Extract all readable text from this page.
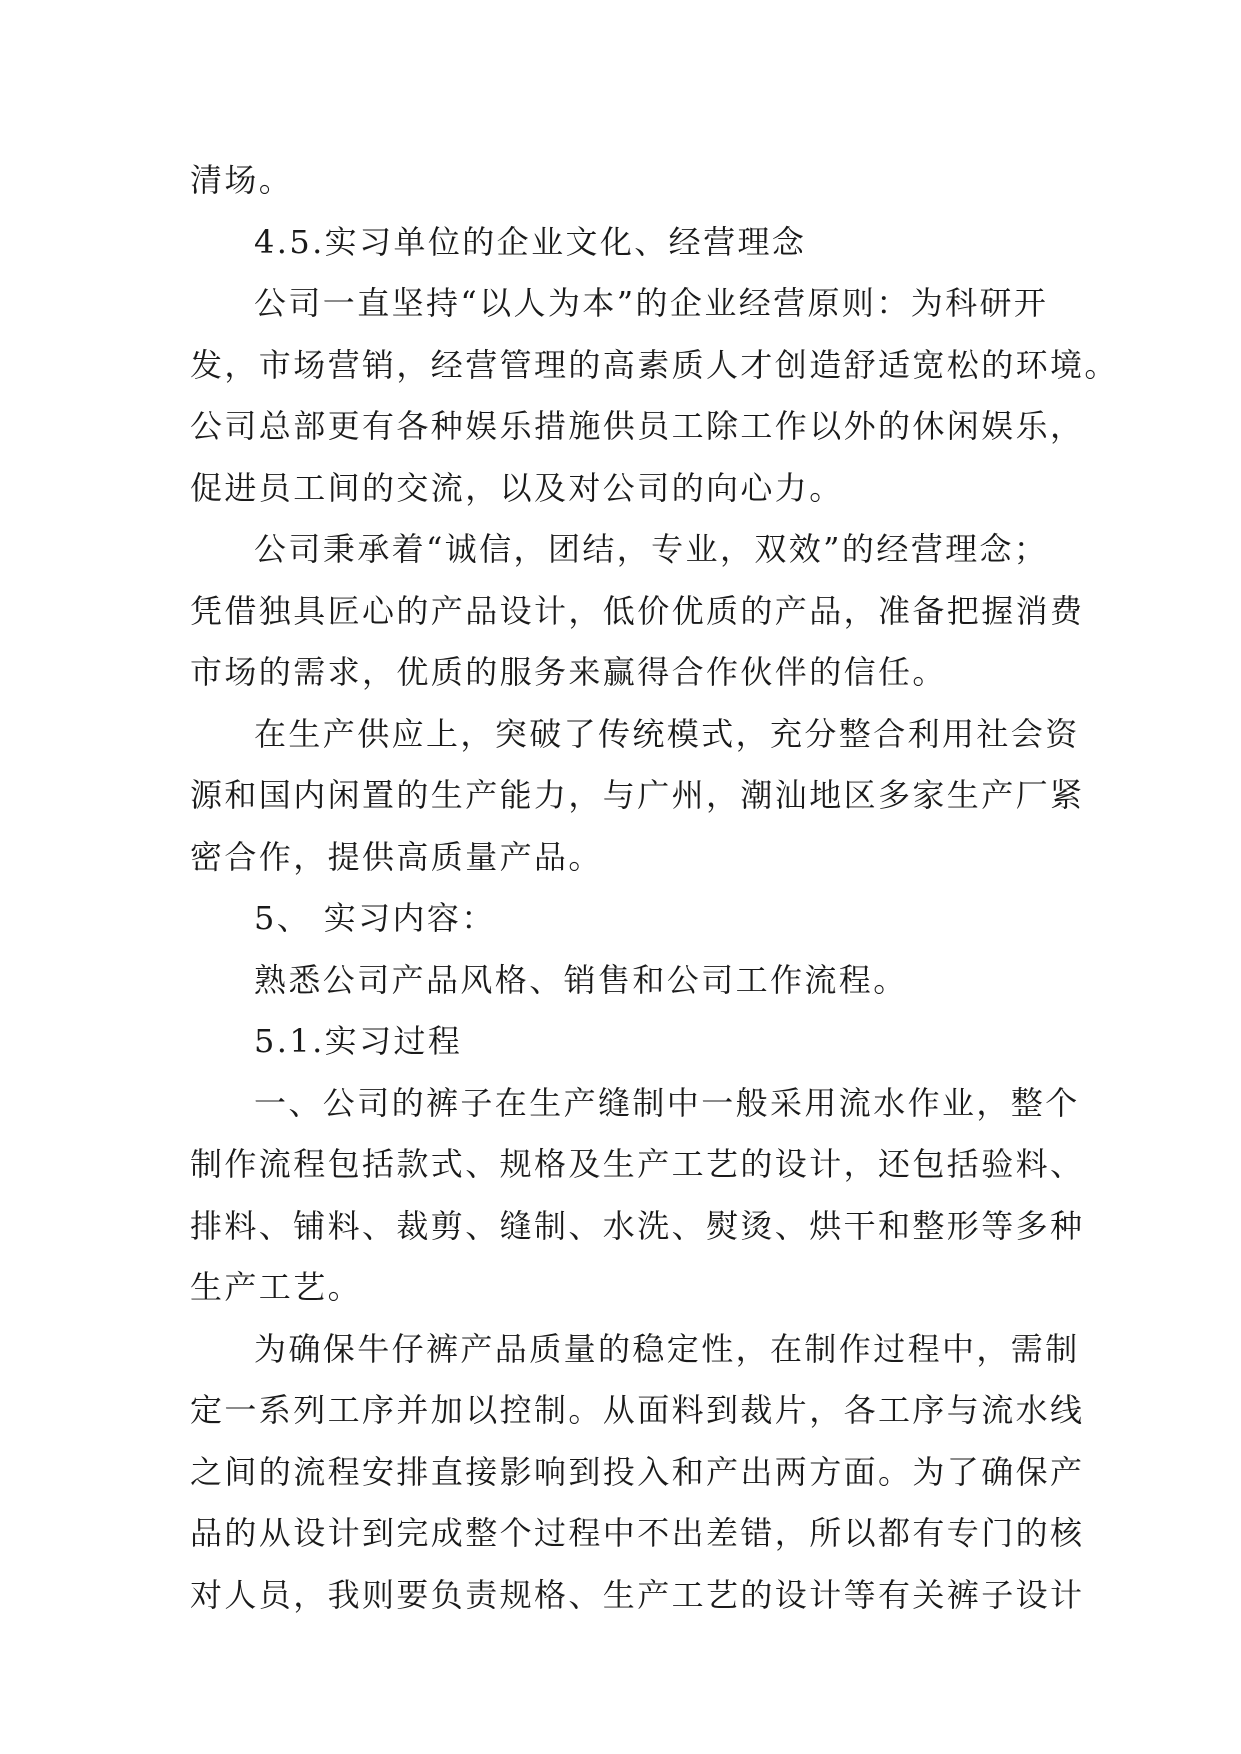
清场。
4.5.实习单位的企业文化、经营理念
公司一直坚持“以人为本”的企业经营原则：为科研开
发，市场营销，经营管理的高素质人才创造舒适宽松的环境。
公司总部更有各种娱乐措施供员工除工作以外的休闲娱乐，
促进员工间的交流，以及对公司的向心力。
公司秉承着“诚信，团结，专业，双效”的经营理念；
凭借独具匠心的产品设计，低价优质的产品，准备把握消费
市场的需求，优质的服务来赢得合作伙伴的信任。
在生产供应上，突破了传统模式，充分整合利用社会资
源和国内闲置的生产能力，与广州，潮汕地区多家生产厂紧
密合作，提供高质量产品。
5、 实习内容：
熟悉公司产品风格、销售和公司工作流程。
5.1.实习过程
一、公司的裤子在生产缝制中一般采用流水作业，整个
制作流程包括款式、规格及生产工艺的设计，还包括验料、
排料、铺料、裁剪、缝制、水洗、熨烫、烘干和整形等多种
生产工艺。
为确保牛仔裤产品质量的稳定性，在制作过程中，需制
定一系列工序并加以控制。从面料到裁片，各工序与流水线
之间的流程安排直接影响到投入和产出两方面。为了确保产
品的从设计到完成整个过程中不出差错，所以都有专门的核
对人员，我则要负责规格、生产工艺的设计等有关裤子设计
